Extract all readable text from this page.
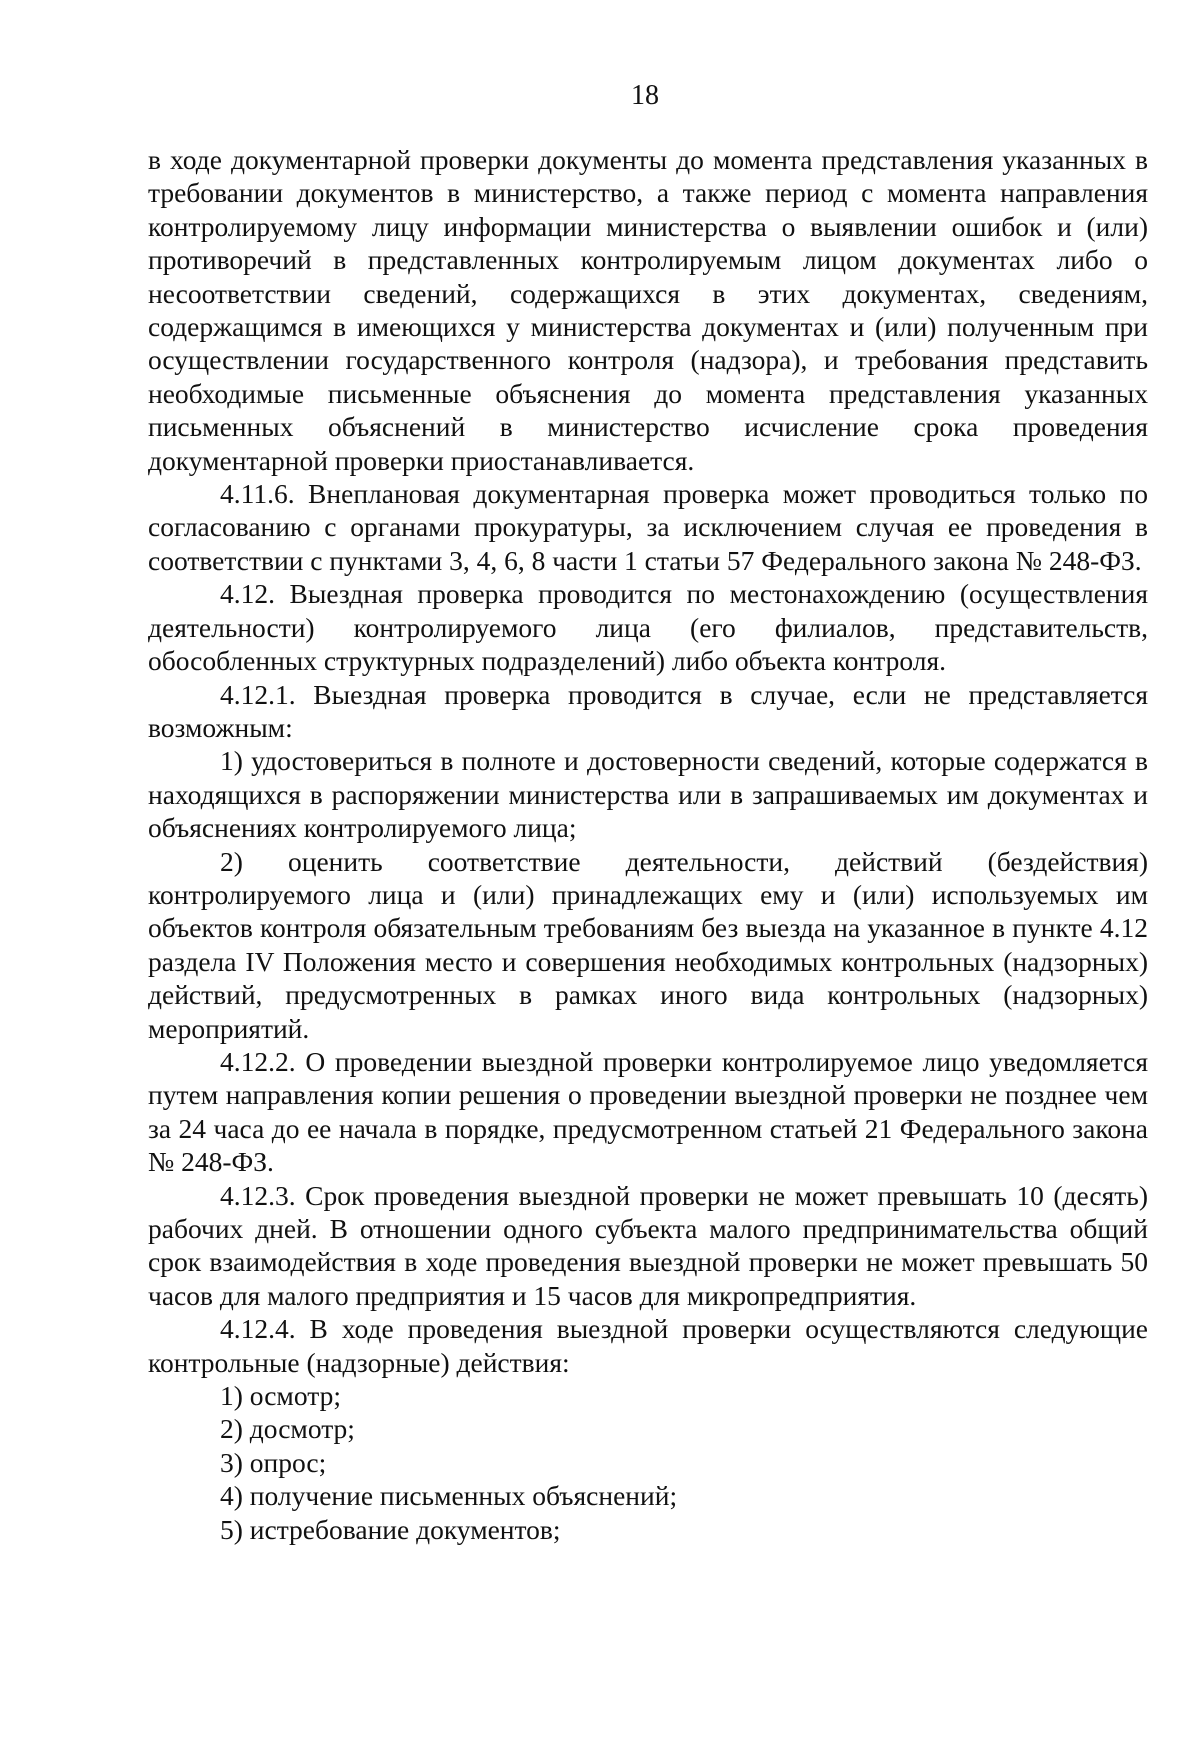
18

в ходе документарной проверки документы до момента представления указанных в требовании документов в министерство, а также период с момента направления контролируемому лицу информации министерства о выявлении ошибок и (или) противоречий в представленных контролируемым лицом документах либо о несоответствии сведений, содержащихся в этих документах, сведениям, содержащимся в имеющихся у министерства документах и (или) полученным при осуществлении государственного контроля (надзора), и требования представить необходимые письменные объяснения до момента представления указанных письменных объяснений в министерство исчисление срока проведения документарной проверки приостанавливается.

4.11.6. Внеплановая документарная проверка может проводиться только по согласованию с органами прокуратуры, за исключением случая ее проведения в соответствии с пунктами 3, 4, 6, 8 части 1 статьи 57 Федерального закона № 248-ФЗ.

4.12. Выездная проверка проводится по местонахождению (осуществления деятельности) контролируемого лица (его филиалов, представительств, обособленных структурных подразделений) либо объекта контроля.

4.12.1. Выездная проверка проводится в случае, если не представляется возможным:

1) удостовериться в полноте и достоверности сведений, которые содержатся в находящихся в распоряжении министерства или в запрашиваемых им документах и объяснениях контролируемого лица;

2) оценить соответствие деятельности, действий (бездействия) контролируемого лица и (или) принадлежащих ему и (или) используемых им объектов контроля обязательным требованиям без выезда на указанное в пункте 4.12 раздела IV Положения место и совершения необходимых контрольных (надзорных) действий, предусмотренных в рамках иного вида контрольных (надзорных) мероприятий.

4.12.2. О проведении выездной проверки контролируемое лицо уведомляется путем направления копии решения о проведении выездной проверки не позднее чем за 24 часа до ее начала в порядке, предусмотренном статьей 21 Федерального закона № 248-ФЗ.

4.12.3. Срок проведения выездной проверки не может превышать 10 (десять) рабочих дней. В отношении одного субъекта малого предпринимательства общий срок взаимодействия в ходе проведения выездной проверки не может превышать 50 часов для малого предприятия и 15 часов для микропредприятия.

4.12.4. В ходе проведения выездной проверки осуществляются следующие контрольные (надзорные) действия:

1) осмотр;

2) досмотр;

3) опрос;

4) получение письменных объяснений;

5) истребование документов;
